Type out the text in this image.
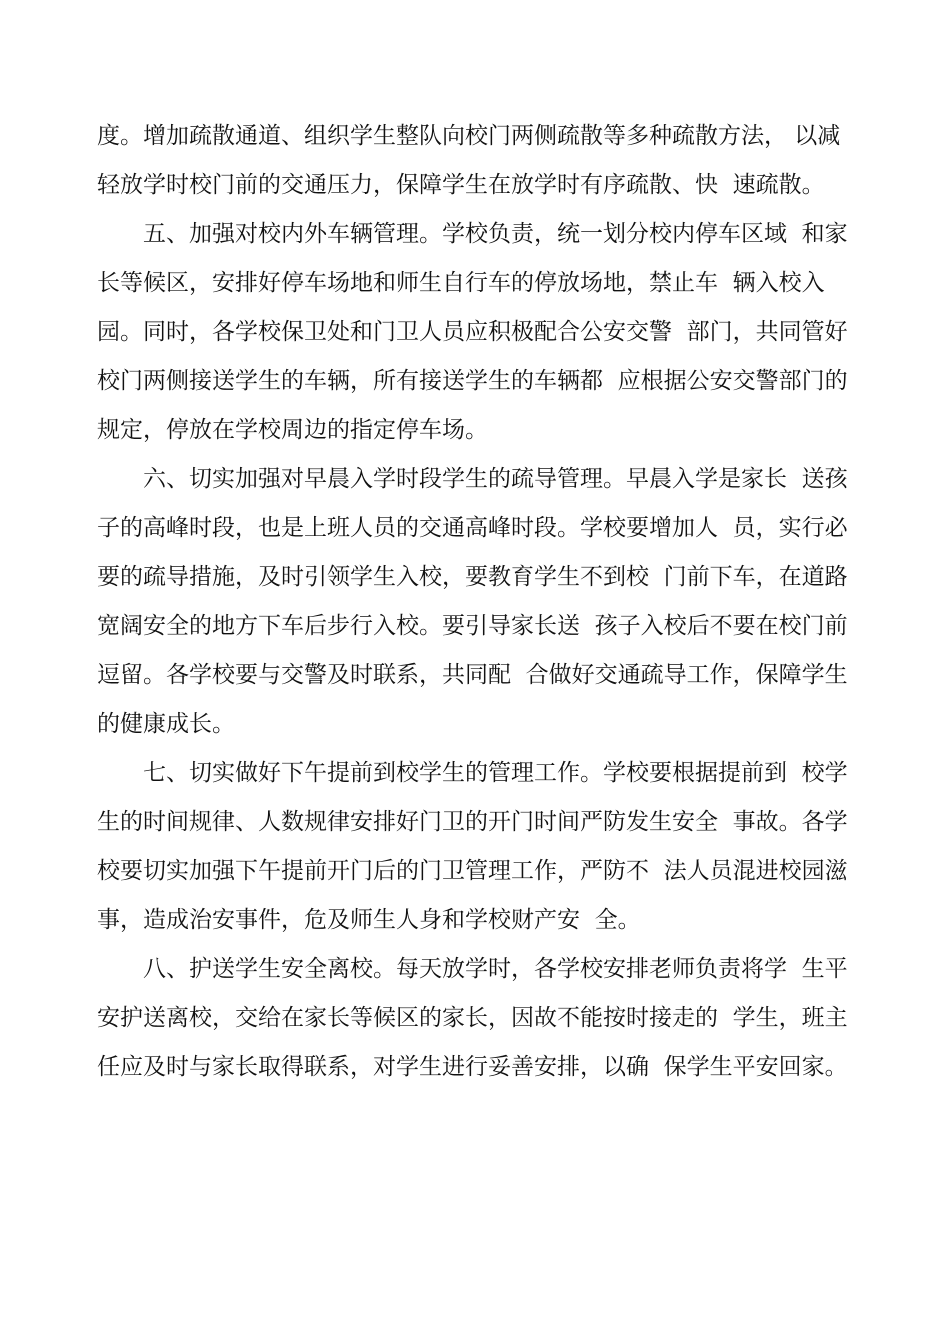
度。增加疏散通道、组织学生整队向校门两侧疏散等多种疏散方法， 以减
轻放学时校门前的交通压力，保障学生在放学时有序疏散、快  速疏散。
五、加强对校内外车辆管理。学校负责，统一划分校内停车区域  和家
长等候区，安排好停车场地和师生自行车的停放场地，禁止车  辆入校入
园。同时，各学校保卫处和门卫人员应积极配合公安交警  部门，共同管好
校门两侧接送学生的车辆，所有接送学生的车辆都  应根据公安交警部门的
规定，停放在学校周边的指定停车场。
六、切实加强对早晨入学时段学生的疏导管理。早晨入学是家长  送孩
子的高峰时段，也是上班人员的交通高峰时段。学校要增加人  员，实行必
要的疏导措施，及时引领学生入校，要教育学生不到校  门前下车，在道路
宽阔安全的地方下车后步行入校。要引导家长送  孩子入校后不要在校门前
逗留。各学校要与交警及时联系，共同配  合做好交通疏导工作，保障学生
的健康成长。
七、切实做好下午提前到校学生的管理工作。学校要根据提前到  校学
生的时间规律、人数规律安排好门卫的开门时间严防发生安全  事故。各学
校要切实加强下午提前开门后的门卫管理工作，严防不  法人员混进校园滋
事，造成治安事件，危及师生人身和学校财产安  全。
八、护送学生安全离校。每天放学时，各学校安排老师负责将学  生平
安护送离校，交给在家长等候区的家长，因故不能按时接走的  学生，班主
任应及时与家长取得联系，对学生进行妥善安排，以确  保学生平安回家。
